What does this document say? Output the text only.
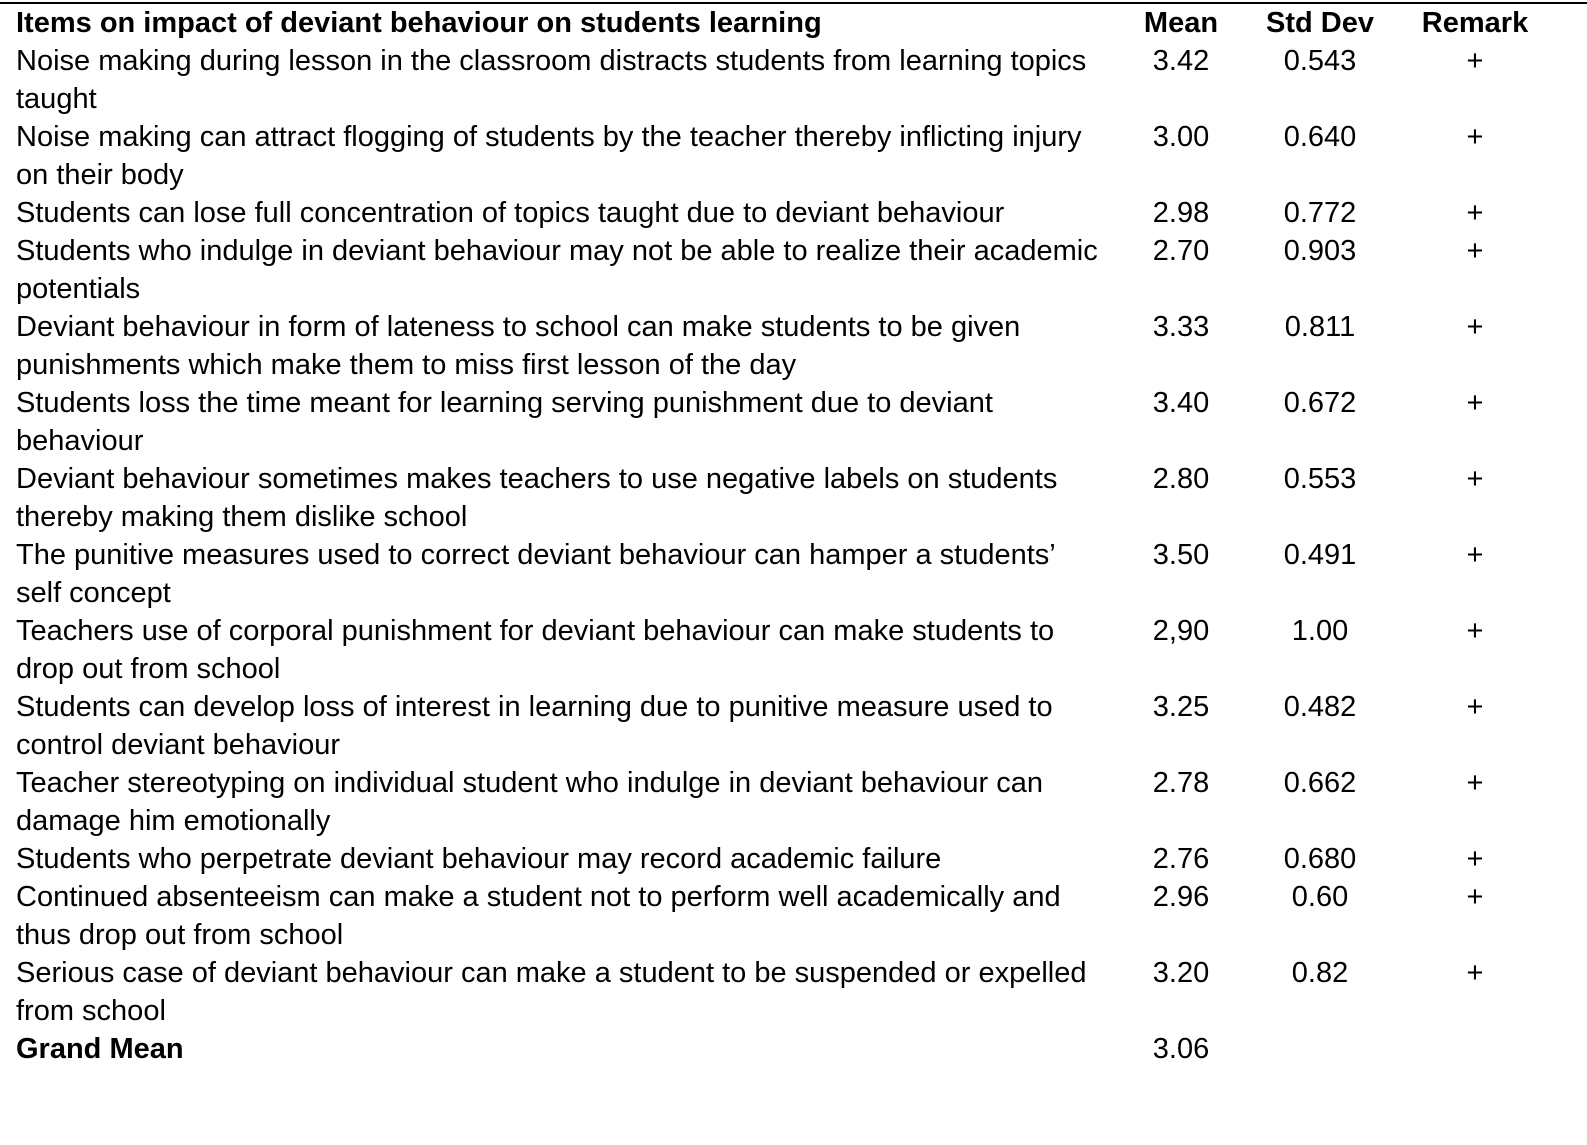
Items on impact of deviant behaviour on students learning	Mean	Std Dev	Remark
Noise making during lesson in the classroom distracts students from learning topics taught	3.42	0.543	+
Noise making can attract flogging of students by the teacher thereby inflicting injury on their body	3.00	0.640	+
Students can lose full concentration of topics taught due to deviant behaviour	2.98	0.772	+
Students who indulge in deviant behaviour may not be able to realize their academic potentials	2.70	0.903	+
Deviant behaviour in form of lateness to school can make students to be given punishments which make them to miss first lesson of the day	3.33	0.811	+
Students loss the time meant for learning serving punishment due to deviant behaviour	3.40	0.672	+
Deviant behaviour sometimes makes teachers to use negative labels on students thereby making them dislike school	2.80	0.553	+
The punitive measures used to correct deviant behaviour can hamper a students’ self concept	3.50	0.491	+
Teachers use of corporal punishment for deviant behaviour can make students to drop out from school	2,90	1.00	+
Students can develop loss of interest in learning due to punitive measure used to control deviant behaviour	3.25	0.482	+
Teacher stereotyping on individual student who indulge in deviant behaviour can damage him emotionally	2.78	0.662	+
Students who perpetrate deviant behaviour may record academic failure	2.76	0.680	+
Continued absenteeism can make a student not to perform well academically and thus drop out from school	2.96	0.60	+
Serious case of deviant behaviour can make a student to be suspended or expelled from school	3.20	0.82	+
Grand Mean	3.06		
